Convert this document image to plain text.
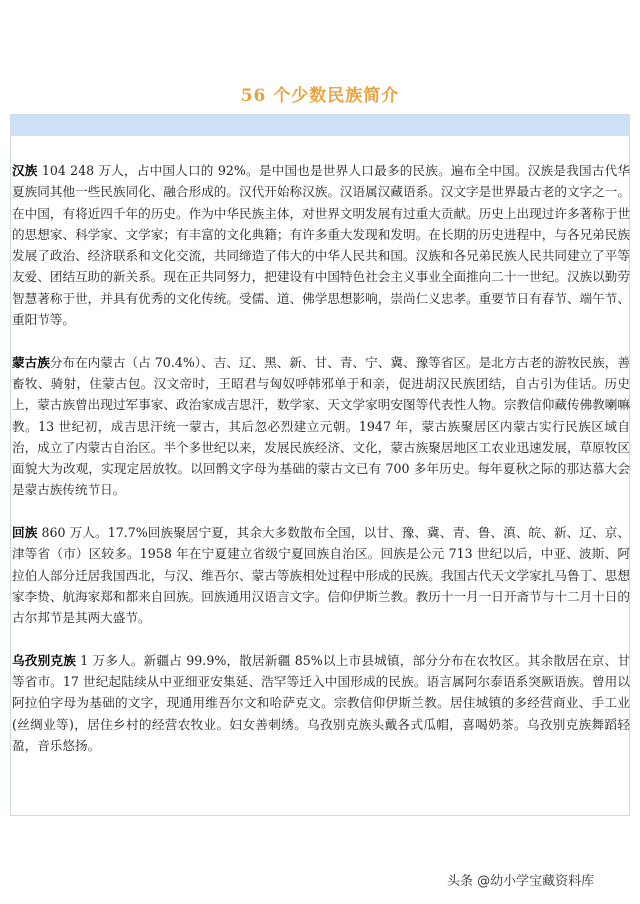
56 个少数民族简介

汉族 104 248 万人，占中国人口的 92%。是中国也是世界人口最多的民族。遍布全中国。汉族是我国古代华夏族同其他一些民族同化、融合形成的。汉代开始称汉族。汉语属汉藏语系。汉文字是世界最古老的文字之一。在中国，有将近四千年的历史。作为中华民族主体，对世界文明发展有过重大贡献。历史上出现过许多著称于世的思想家、科学家、文学家；有丰富的文化典籍；有许多重大发现和发明。在长期的历史进程中，与各兄弟民族发展了政治、经济联系和文化交流，共同缔造了伟大的中华人民共和国。汉族和各兄弟民族人民共同建立了平等友爱、团结互助的新关系。现在正共同努力，把建设有中国特色社会主义事业全面推向二十一世纪。汉族以勤劳智慧著称于世，并具有优秀的文化传统。受儒、道、佛学思想影响，崇尚仁义忠孝。重要节日有春节、端午节、重阳节等。

蒙古族分布在内蒙古（占 70.4%）、吉、辽、黑、新、甘、青、宁、冀、豫等省区。是北方古老的游牧民族，善畜牧、骑射，住蒙古包。汉文帝时，王昭君与匈奴呼韩邪单于和亲，促进胡汉民族团结，自古引为佳话。历史上，蒙古族曾出现过军事家、政治家成吉思汗，数学家、天文学家明安图等代表性人物。宗教信仰藏传佛教喇嘛教。13 世纪初，成吉思汗统一蒙古，其后忽必烈建立元朝。1947 年，蒙古族聚居区内蒙古实行民族区域自治，成立了内蒙古自治区。半个多世纪以来，发展民族经济、文化，蒙古族聚居地区工农业迅速发展，草原牧区面貌大为改观，实现定居放牧。以回鹘文字母为基础的蒙古文已有 700 多年历史。每年夏秋之际的那达慕大会是蒙古族传统节日。

回族 860 万人。17.7%回族聚居宁夏，其余大多数散布全国，以甘、豫、冀、青、鲁、滇、皖、新、辽、京、津等省（市）区较多。1958 年在宁夏建立省级宁夏回族自治区。回族是公元 713 世纪以后，中亚、波斯、阿拉伯人部分迁居我国西北，与汉、维吾尔、蒙古等族相处过程中形成的民族。我国古代天文学家扎马鲁丁、思想家李贽、航海家郑和都来自回族。回族通用汉语言文字。信仰伊斯兰教。教历十一月一日开斋节与十二月十日的古尔邦节是其两大盛节。

乌孜别克族 1 万多人。新疆占 99.9%，散居新疆 85%以上市县城镇，部分分布在农牧区。其余散居在京、甘等省市。17 世纪起陆续从中亚细亚安集延、浩罕等迁入中国形成的民族。语言属阿尔泰语系突厥语族。曾用以阿拉伯字母为基础的文字，现通用维吾尔文和哈萨克文。宗教信仰伊斯兰教。居住城镇的多经营商业、手工业(丝绸业等)，居住乡村的经营农牧业。妇女善刺绣。乌孜别克族头戴各式瓜帽，喜喝奶茶。乌孜别克族舞蹈轻盈，音乐悠扬。

头条 @幼小学宝藏资料库
